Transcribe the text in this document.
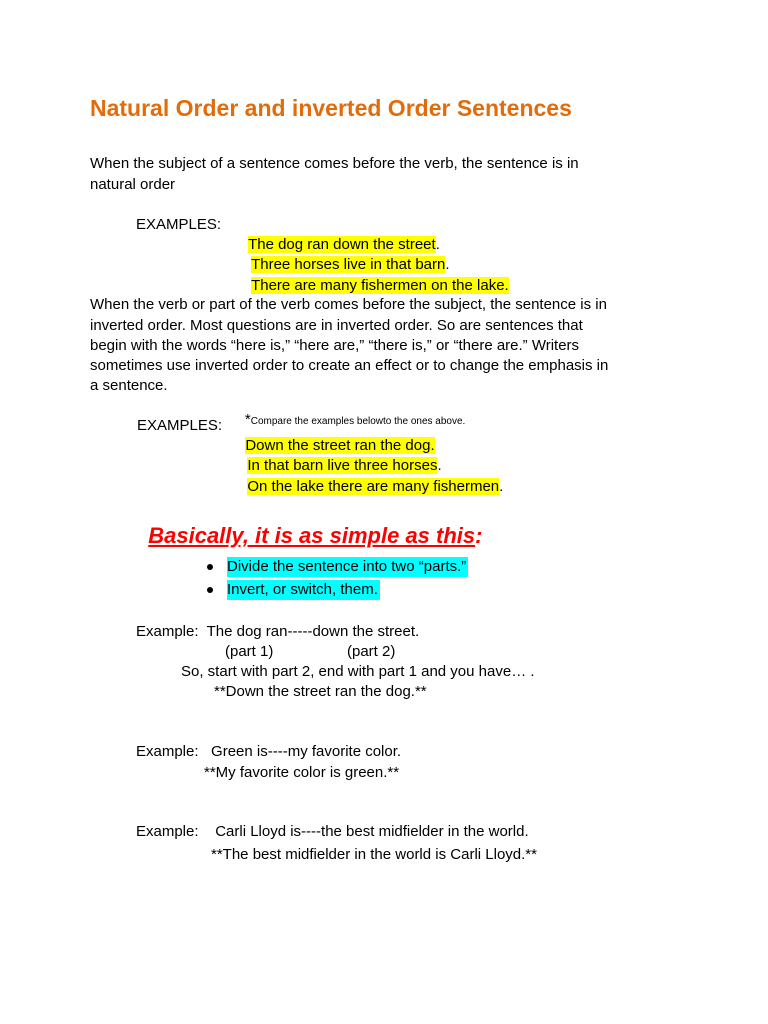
Natural Order and inverted Order Sentences
When the subject of a sentence comes before the verb, the sentence is in
natural order
EXAMPLES:

The dog ran down the street.

Three horses live in that barn.

There are many fishermen on the lake.

When the verb or part of the verb comes before the subject, the sentence is in
inverted order. Most questions are in inverted order. So are sentences that
begin with the words “here is,” “here are,” “there is,” or “there are.” Writers
sometimes use inverted order to create an effect or to change the emphasis in
a sentence.

*Compare the examples belowto the ones above.

EXAMPLES:

Down the street ran the dog.

In that barn live three horses.

On the lake there are many fishermen.

Basically, it is as simple as this:

Divide the sentence into two “parts.”
Invert, or switch, them.
Example:  The dog ran-----down the street.
(part 1)	(part 2)
So, start with part 2, end with part 1 and you have… .
**Down the street ran the dog.**
Example:   Green is----my favorite color.
**My favorite color is green.**
Example:    Carli Lloyd is----the best midfielder in the world.
**The best midfielder in the world is Carli Lloyd.**
